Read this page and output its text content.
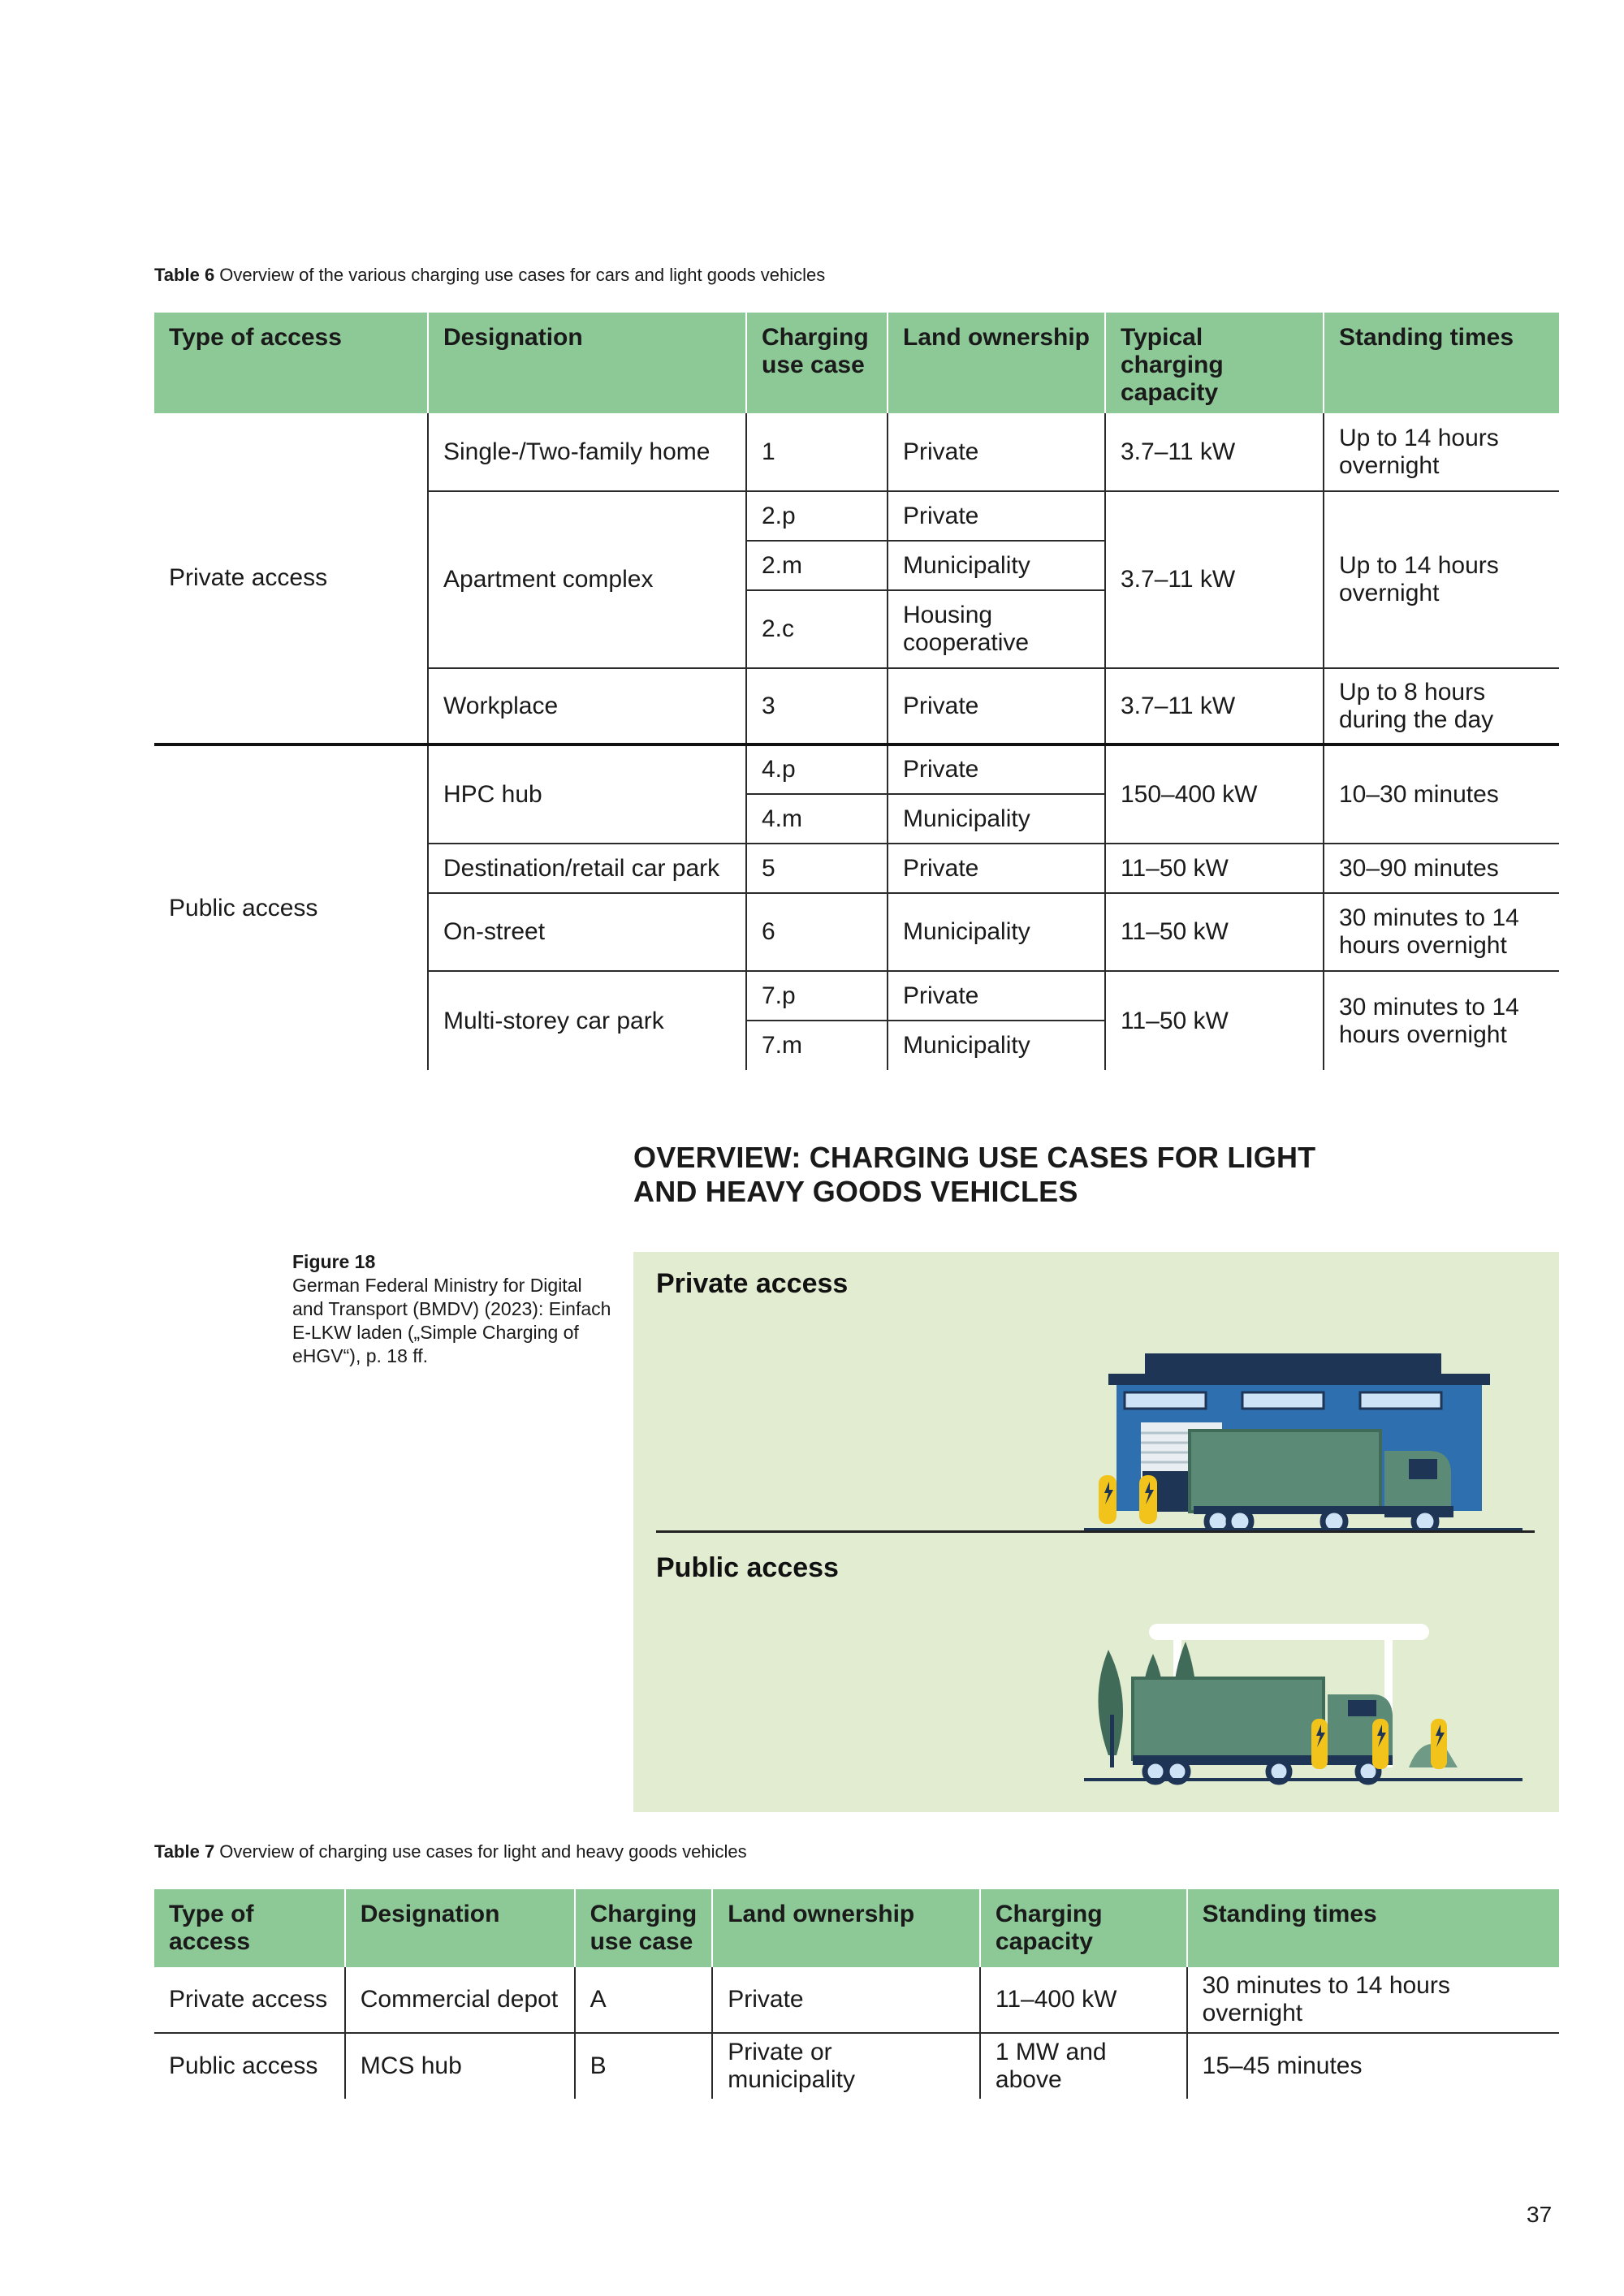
Table 6 Overview of the various charging use cases for cars and light goods vehicles
Type of access	Designation	Charging use case	Land ownership	Typical charging capacity	Standing times
Private access	Single-/Two-family home	1	Private	3.7–11 kW	Up to 14 hours overnight
	Apartment complex	2.p	Private	3.7–11 kW	Up to 14 hours overnight
		2.m	Municipality		
		2.c	Housing cooperative		
	Workplace	3	Private	3.7–11 kW	Up to 8 hours during the day
Public access	HPC hub	4.p	Private	150–400 kW	10–30 minutes
		4.m	Municipality		
	Destination/retail car park	5	Private	11–50 kW	30–90 minutes
	On-street	6	Municipality	11–50 kW	30 minutes to 14 hours overnight
	Multi-storey car park	7.p	Private	11–50 kW	30 minutes to 14 hours overnight
		7.m	Municipality		
OVERVIEW: CHARGING USE CASES FOR LIGHT AND HEAVY GOODS VEHICLES
Figure 18
German Federal Ministry for Digital and Transport (BMDV) (2023): Einfach E-LKW laden („Simple Charging of eHGV“), p. 18 ff.
Private access
Public access
Table 7 Overview of charging use cases for light and heavy goods vehicles
Type of access	Designation	Charging use case	Land ownership	Charging capacity	Standing times
Private access	Commercial depot	A	Private	11–400 kW	30 minutes to 14 hours overnight
Public access	MCS hub	B	Private or municipality	1 MW and above	15–45 minutes
37
